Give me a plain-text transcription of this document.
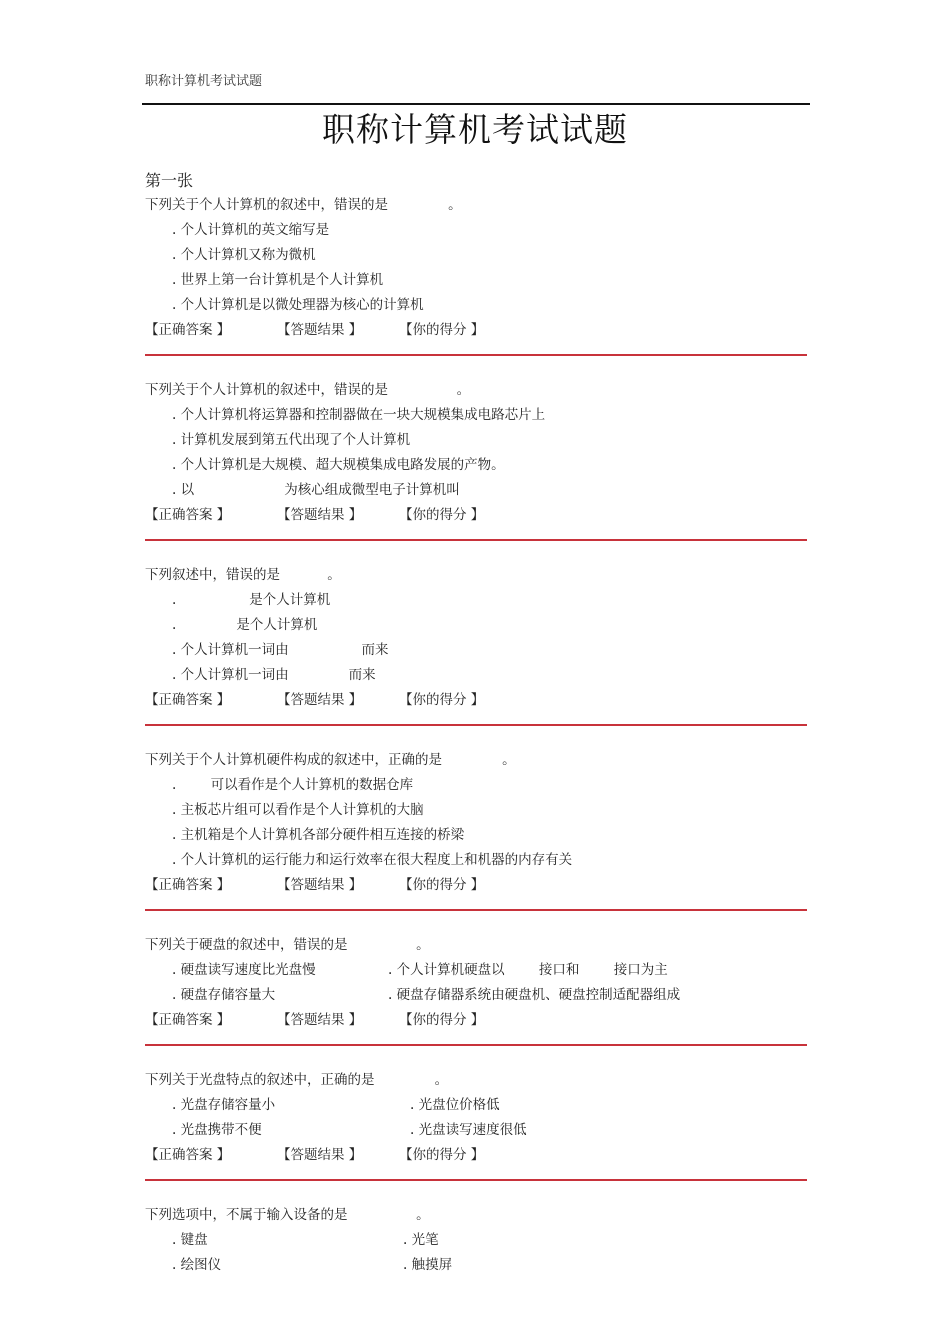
职称计算机考试试题
职称计算机考试试题
第一张
下列关于个人计算机的叙述中，错误的是              。
. 个人计算机的英文缩写是
. 个人计算机又称为微机
. 世界上第一台计算机是个人计算机
. 个人计算机是以微处理器为核心的计算机
【正确答案 】	【答题结果 】	【你的得分 】
下列关于个人计算机的叙述中，错误的是                。
. 个人计算机将运算器和控制器做在一块大规模集成电路芯片上
. 计算机发展到第五代出现了个人计算机
. 个人计算机是大规模、超大规模集成电路发展的产物。
. 以                     为核心组成微型电子计算机叫
【正确答案 】	【答题结果 】	【你的得分 】
下列叙述中，错误的是           。
.                 是个人计算机
.              是个人计算机
. 个人计算机一词由                 而来
. 个人计算机一词由              而来
【正确答案 】	【答题结果 】	【你的得分 】
下列关于个人计算机硬件构成的叙述中，正确的是              。
.        可以看作是个人计算机的数据仓库
. 主板芯片组可以看作是个人计算机的大脑
. 主机箱是个人计算机各部分硬件相互连接的桥梁
. 个人计算机的运行能力和运行效率在很大程度上和机器的内存有关
【正确答案 】	【答题结果 】	【你的得分 】
下列关于硬盘的叙述中，错误的是                。
. 硬盘读写速度比光盘慢	. 个人计算机硬盘以        接口和        接口为主
. 硬盘存储容量大	. 硬盘存储器系统由硬盘机、硬盘控制适配器组成
【正确答案 】	【答题结果 】	【你的得分 】
下列关于光盘特点的叙述中，正确的是              。
. 光盘存储容量小	. 光盘位价格低
. 光盘携带不便	. 光盘读写速度很低
【正确答案 】	【答题结果 】	【你的得分 】
下列选项中，不属于输入设备的是                。
. 键盘	. 光笔
. 绘图仪	. 触摸屏
